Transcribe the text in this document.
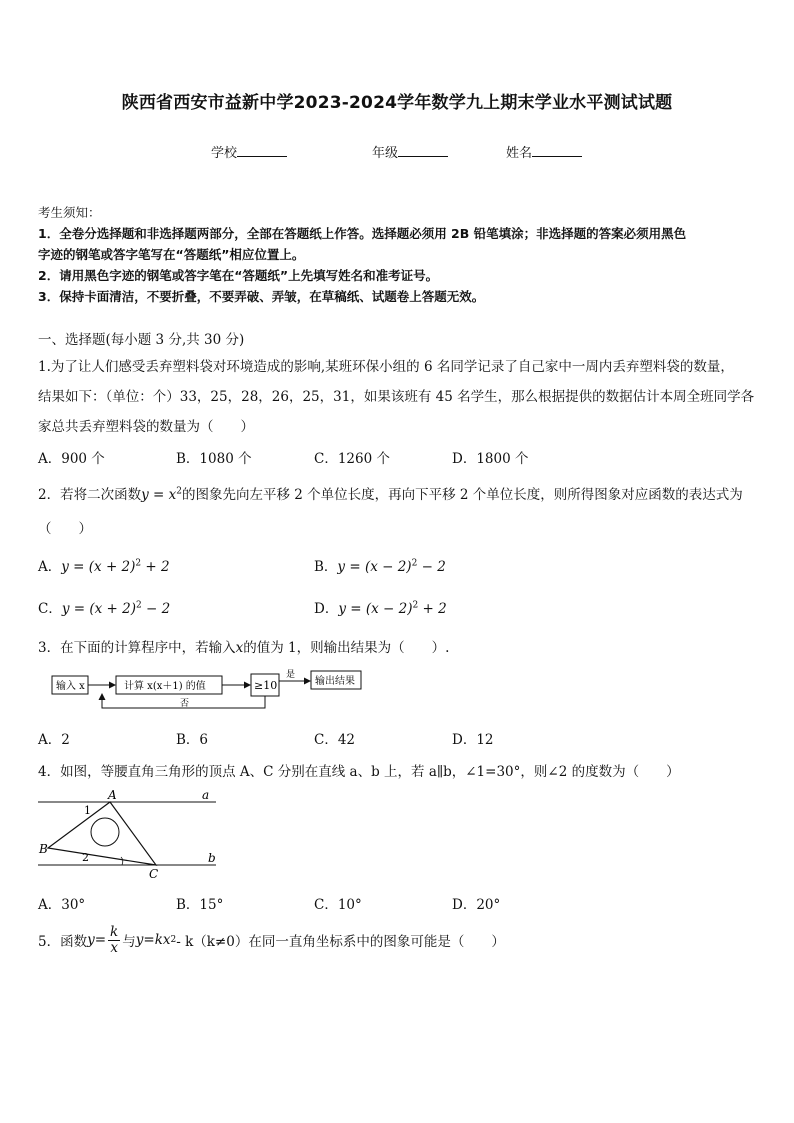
陕西省西安市益新中学2023-2024学年数学九上期末学业水平测试试题
学校	年级	姓名
考生须知：
1．全卷分选择题和非选择题两部分，全部在答题纸上作答。选择题必须用 2B 铅笔填涂；非选择题的答案必须用黑色
字迹的钢笔或答字笔写在“答题纸”相应位置上。
2．请用黑色字迹的钢笔或答字笔在“答题纸”上先填写姓名和准考证号。
3．保持卡面清洁，不要折叠，不要弄破、弄皱，在草稿纸、试题卷上答题无效。
一、选择题(每小题 3 分,共 30 分)
1.为了让人们感受丢弃塑料袋对环境造成的影响,某班环保小组的 6 名同学记录了自己家中一周内丢弃塑料袋的数量，
结果如下：（单位：个）33，25，28，26，25，31，如果该班有 45 名学生，那么根据提供的数据估计本周全班同学各
家总共丢弃塑料袋的数量为（　　）
A．900 个	B．1080 个	C．1260 个	D．1800 个
2．若将二次函数$y = x^2$的图象先向左平移 2 个单位长度，再向下平移 2 个单位长度，则所得图象对应函数的表达式为
（　　）
A．$y = (x + 2)^2 + 2$	B．$y = (x - 2)^2 - 2$
C．$y = (x + 2)^2 - 2$	D．$y = (x - 2)^2 + 2$
3．在下面的计算程序中，若输入x的值为 1，则输出结果为（　　）.
输入 x	计算 x(x＋1) 的值	≥10
是
输出结果
否
A．2	B．6	C．42	D．12
4．如图，等腰直角三角形的顶点 A、C 分别在直线 a、b 上，若 a∥b，∠1=30°，则∠2 的度数为（　　）
A
B
C
a
b
1
2
A．30°	B．15°	C．10°	D．20°
5．函数 $y = \frac{k}{x}$ 与 y = kx 2 - k（k≠0）在同一直角坐标系中的图象可能是（　　）
